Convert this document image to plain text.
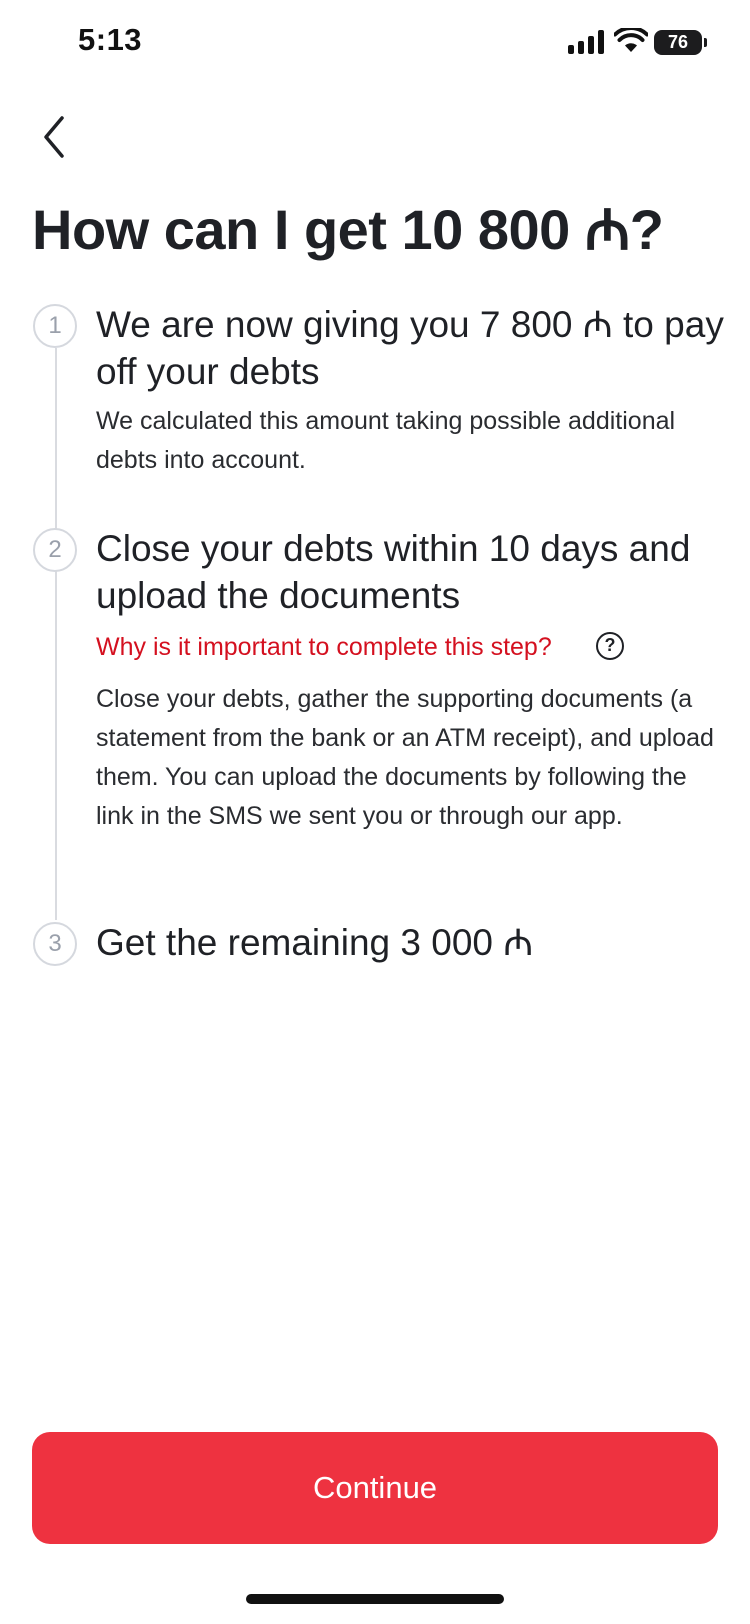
5:13	76
How can I get 10 800 ₼?
1 We are now giving you 7 800 ₼ to pay off your debts
We calculated this amount taking possible additional debts into account.
2 Close your debts within 10 days and upload the documents
Why is it important to complete this step?	?
Close your debts, gather the supporting documents (a statement from the bank or an ATM receipt), and upload them. You can upload the documents by following the link in the SMS we sent you or through our app.
3 Get the remaining 3 000 ₼
Continue
